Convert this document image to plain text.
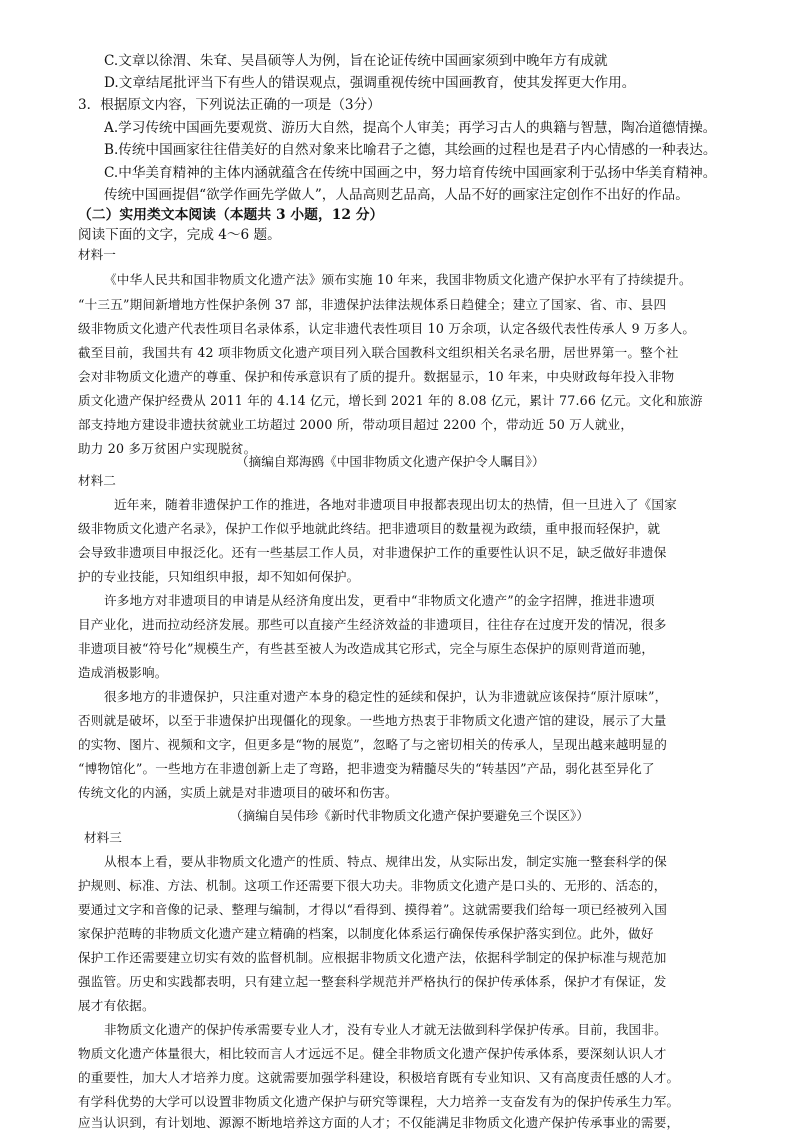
C.文章以徐渭、朱耷、吴昌硕等人为例，旨在论证传统中国画家须到中晚年方有成就
D.文章结尾批评当下有些人的错误观点，强调重视传统中国画教育，使其发挥更大作用。
3．根据原文内容，下列说法正确的一项是（3分）
A.学习传统中国画先要观赏、游历大自然，提高个人审美；再学习古人的典籍与智慧，陶冶道德情操。
B.传统中国画家往往借美好的自然对象来比喻君子之德，其绘画的过程也是君子内心情感的一种表达。
C.中华美育精神的主体内涵就蕴含在传统中国画之中，努力培育传统中国画家利于弘扬中华美育精神。
传统中国画提倡“欲学作画先学做人”，人品高则艺品高，人品不好的画家注定创作不出好的作品。
（二）实用类文本阅读（本题共 3 小题，12 分）
阅读下面的文字，完成 4～6 题。
材料一
《中华人民共和国非物质文化遗产法》颁布实施 10 年来，我国非物质文化遗产保护水平有了持续提升。
“十三五”期间新增地方性保护条例 37 部，非遗保护法律法规体系日趋健全；建立了国家、省、市、县四
级非物质文化遗产代表性项目名录体系，认定非遗代表性项目 10 万余项，认定各级代表性传承人 9 万多人。
截至目前，我国共有 42 项非物质文化遗产项目列入联合国教科文组织相关名录名册，居世界第一。整个社
会对非物质文化遗产的尊重、保护和传承意识有了质的提升。数据显示，10 年来，中央财政每年投入非物
质文化遗产保护经费从 2011 年的 4.14 亿元，增长到 2021 年的 8.08 亿元，累计 77.66 亿元。文化和旅游
部支持地方建设非遗扶贫就业工坊超过 2000 所，带动项目超过 2200 个，带动近 50 万人就业，
助力 20 多万贫困户实现脱贫。
（摘编自郑海鸥《中国非物质文化遗产保护令人瞩目》）
材料二
近年来，随着非遗保护工作的推进，各地对非遗项目申报都表现出切太的热情，但一旦进入了《国家
级非物质文化遗产名录》，保护工作似乎地就此终结。把非遗项目的数量视为政绩，重申报而轻保护，就
会导致非遗项目申报泛化。还有一些基层工作人员，对非遗保护工作的重要性认识不足，缺乏做好非遗保
护的专业技能，只知组织申报，却不知如何保护。
许多地方对非遗项目的申请是从经济角度出发，更看中“非物质文化遗产”的金字招牌，推进非遗项
目产业化，进而拉动经济发展。那些可以直接产生经济效益的非遗项目，往往存在过度开发的情况，很多
非遗项目被“符号化”规模生产，有些甚至被人为改造成其它形式，完全与原生态保护的原则背道而驰，
造成消极影响。
很多地方的非遗保护，只注重对遗产本身的稳定性的延续和保护，认为非遗就应该保持“原汁原味”，
否则就是破坏，以至于非遗保护出现僵化的现象。一些地方热衷于非物质文化遗产馆的建设，展示了大量
的实物、图片、视频和文字，但更多是“物的展览”，忽略了与之密切相关的传承人，呈现出越来越明显的
“博物馆化”。一些地方在非遗创新上走了弯路，把非遗变为精髓尽失的“转基因”产品，弱化甚至异化了
传统文化的内涵，实质上就是对非遗项目的破坏和伤害。
（摘编自吴伟珍《新时代非物质文化遗产保护要避免三个误区》）
材料三
从根本上看，要从非物质文化遗产的性质、特点、规律出发，从实际出发，制定实施一整套科学的保
护规则、标准、方法、机制。这项工作还需要下很大功夫。非物质文化遗产是口头的、无形的、活态的，
要通过文字和音像的记录、整理与编制，才得以“看得到、摸得着”。这就需要我们给每一项已经被列入国
家保护范畴的非物质文化遗产建立精确的档案，以制度化体系运行确保传承保护落实到位。此外，做好
保护工作还需要建立切实有效的监督机制。应根据非物质文化遗产法，依据科学制定的保护标准与规范加
强监管。历史和实践都表明，只有建立起一整套科学规范并严格执行的保护传承体系，保护才有保证，发
展才有依据。
非物质文化遗产的保护传承需要专业人才，没有专业人才就无法做到科学保护传承。目前，我国非。
物质文化遗产体量很大，相比较而言人才远远不足。健全非物质文化遗产保护传承体系，要深刻认识人才
的重要性，加大人才培养力度。这就需要加强学科建设，积极培育既有专业知识、又有高度责任感的人才。
有学科优势的大学可以设置非物质文化遗产保护与研究等课程，大力培养一支奋发有为的保护传承生力军。
应当认识到，有计划地、源源不断地培养这方面的人才；不仅能满足非物质文化遗产保护传承事业的需要，
